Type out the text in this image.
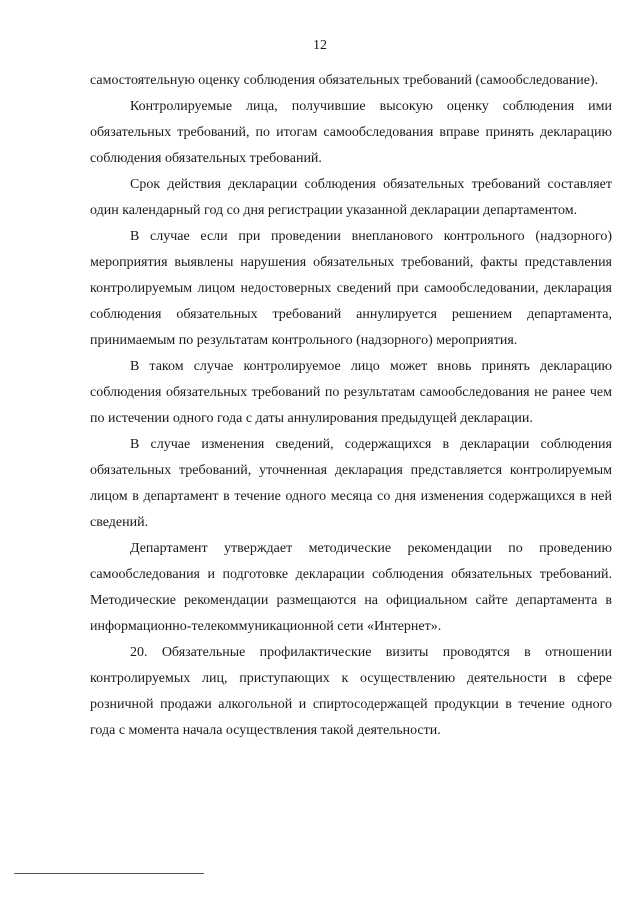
12

самостоятельную оценку соблюдения обязательных требований (самообследование).

Контролируемые лица, получившие высокую оценку соблюдения ими обязательных требований, по итогам самообследования вправе принять декларацию соблюдения обязательных требований.

Срок действия декларации соблюдения обязательных требований составляет один календарный год со дня регистрации указанной декларации департаментом.

В случае если при проведении внепланового контрольного (надзорного) мероприятия выявлены нарушения обязательных требований, факты представления контролируемым лицом недостоверных сведений при самообследовании, декларация соблюдения обязательных требований аннулируется решением департамента, принимаемым по результатам контрольного (надзорного) мероприятия.

В таком случае контролируемое лицо может вновь принять декларацию соблюдения обязательных требований по результатам самообследования не ранее чем по истечении одного года с даты аннулирования предыдущей декларации.

В случае изменения сведений, содержащихся в декларации соблюдения обязательных требований, уточненная декларация представляется контролируемым лицом в департамент в течение одного месяца со дня изменения содержащихся в ней сведений.

Департамент утверждает методические рекомендации по проведению самообследования и подготовке декларации соблюдения обязательных требований. Методические рекомендации размещаются на официальном сайте департамента в информационно-телекоммуникационной сети «Интернет».

20. Обязательные профилактические визиты проводятся в отношении контролируемых лиц, приступающих к осуществлению деятельности в сфере розничной продажи алкогольной и спиртосодержащей продукции в течение одного года с момента начала осуществления такой деятельности.
